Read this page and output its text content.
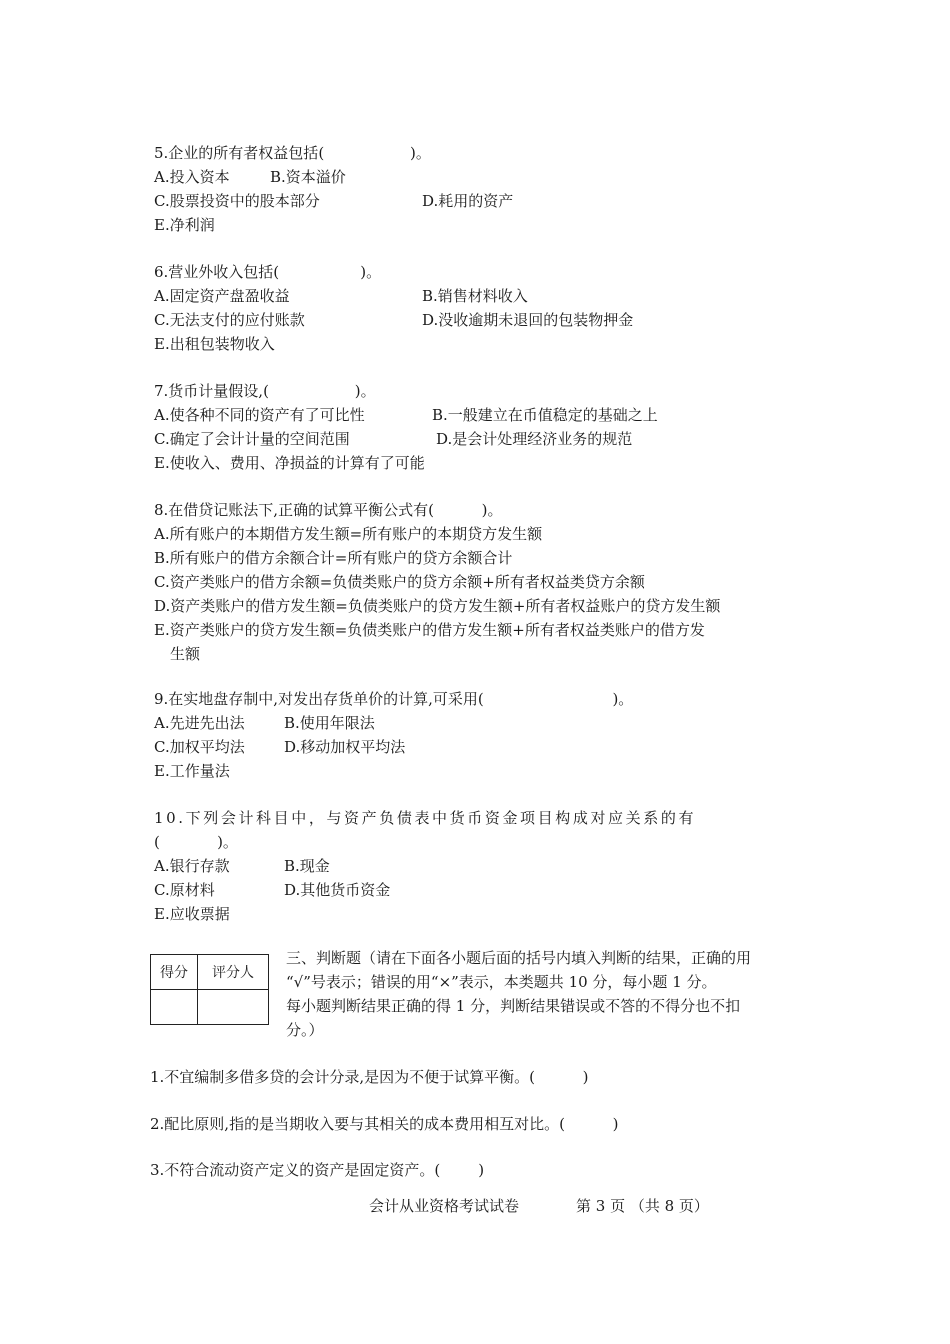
5.企业的所有者权益包括(                  )。
A.投入资本	B.资本溢价
C.股票投资中的股本部分	D.耗用的资产
E.净利润
6.营业外收入包括(                 )。
A.固定资产盘盈收益	B.销售材料收入
C.无法支付的应付账款	D.没收逾期未退回的包装物押金
E.出租包装物收入
7.货币计量假设,(                  )。
A.使各种不同的资产有了可比性	B.一般建立在币值稳定的基础之上
C.确定了会计计量的空间范围	D.是会计处理经济业务的规范
E.使收入、费用、净损益的计算有了可能
8.在借贷记账法下,正确的试算平衡公式有(          )。
A.所有账户的本期借方发生额=所有账户的本期贷方发生额
B.所有账户的借方余额合计=所有账户的贷方余额合计
C.资产类账户的借方余额=负债类账户的贷方余额+所有者权益类贷方余额
D.资产类账户的借方发生额=负债类账户的贷方发生额+所有者权益账户的贷方发生额
E.资产类账户的贷方发生额=负债类账户的借方发生额+所有者权益类账户的借方发
生额
9.在实地盘存制中,对发出存货单价的计算,可采用(                           )。
A.先进先出法	B.使用年限法
C.加权平均法	D.移动加权平均法
E.工作量法
10.下列会计科目中，与资产负债表中货币资金项目构成对应关系的有
(            )。
A.银行存款	B.现金
C.原材料	D.其他货币资金
E.应收票据
得分	评分人

三、判断题（请在下面各小题后面的括号内填入判断的结果，正确的用
“√”号表示；错误的用“×”表示，本类题共 10 分，每小题 1 分。
每小题判断结果正确的得 1 分，判断结果错误或不答的不得分也不扣
分。）
1.不宜编制多借多贷的会计分录,是因为不便于试算平衡。(          )
2.配比原则,指的是当期收入要与其相关的成本费用相互对比。(          )
3.不符合流动资产定义的资产是固定资产。(        )
会计从业资格考试试卷	第 3 页 （共 8 页）
